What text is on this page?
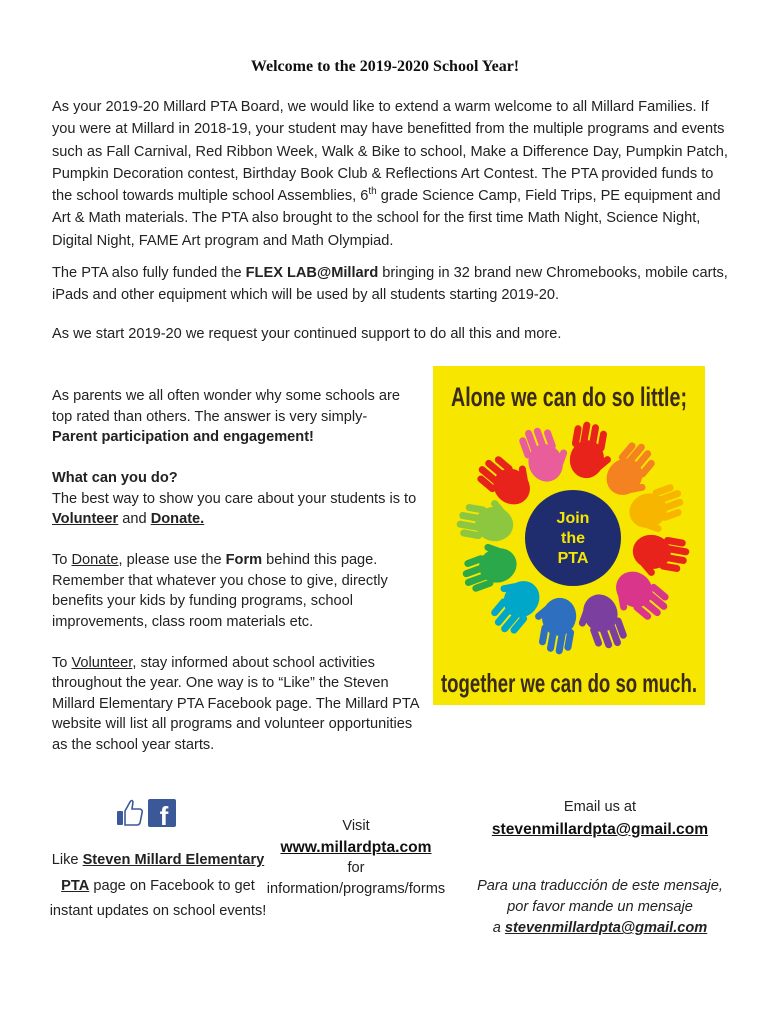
Welcome to the 2019-2020 School Year!
As your 2019-20 Millard PTA Board, we would like to extend a warm welcome to all Millard Families. If you were at Millard in 2018-19, your student may have benefitted from the multiple programs and events such as Fall Carnival, Red Ribbon Week, Walk & Bike to school, Make a Difference Day, Pumpkin Patch, Pumpkin Decoration contest, Birthday Book Club & Reflections Art Contest. The PTA provided funds to the school towards multiple school Assemblies, 6th grade Science Camp, Field Trips, PE equipment and Art & Math materials. The PTA also brought to the school for the first time Math Night, Science Night, Digital Night, FAME Art program and Math Olympiad.
The PTA also fully funded the FLEX LAB@Millard bringing in 32 brand new Chromebooks, mobile carts, iPads and other equipment which will be used by all students starting 2019-20.
As we start 2019-20 we request your continued support to do all this and more.

As parents we all often wonder why some schools are top rated than others. The answer is very simply-
Parent participation and engagement!

What can you do?
The best way to show you care about your students is to Volunteer and Donate.

To Donate, please use the Form behind this page. Remember that whatever you chose to give, directly benefits your kids by funding programs, school improvements, class room materials etc.

To Volunteer, stay informed about school activities throughout the year. One way is to “Like” the Steven Millard Elementary PTA Facebook page. The Millard PTA website will list all programs and volunteer opportunities as the school year starts.

Alone we can do so little;
Join
the
PTA
together we can do so much.
f
Like Steven Millard Elementary PTA page on Facebook to get instant updates on school events!
Visit
www.millardpta.com
for
information/programs/forms
Email us at
stevenmillardpta@gmail.com
Para una traducción de este mensaje,
por favor mande un mensaje
a stevenmillardpta@gmail.com
